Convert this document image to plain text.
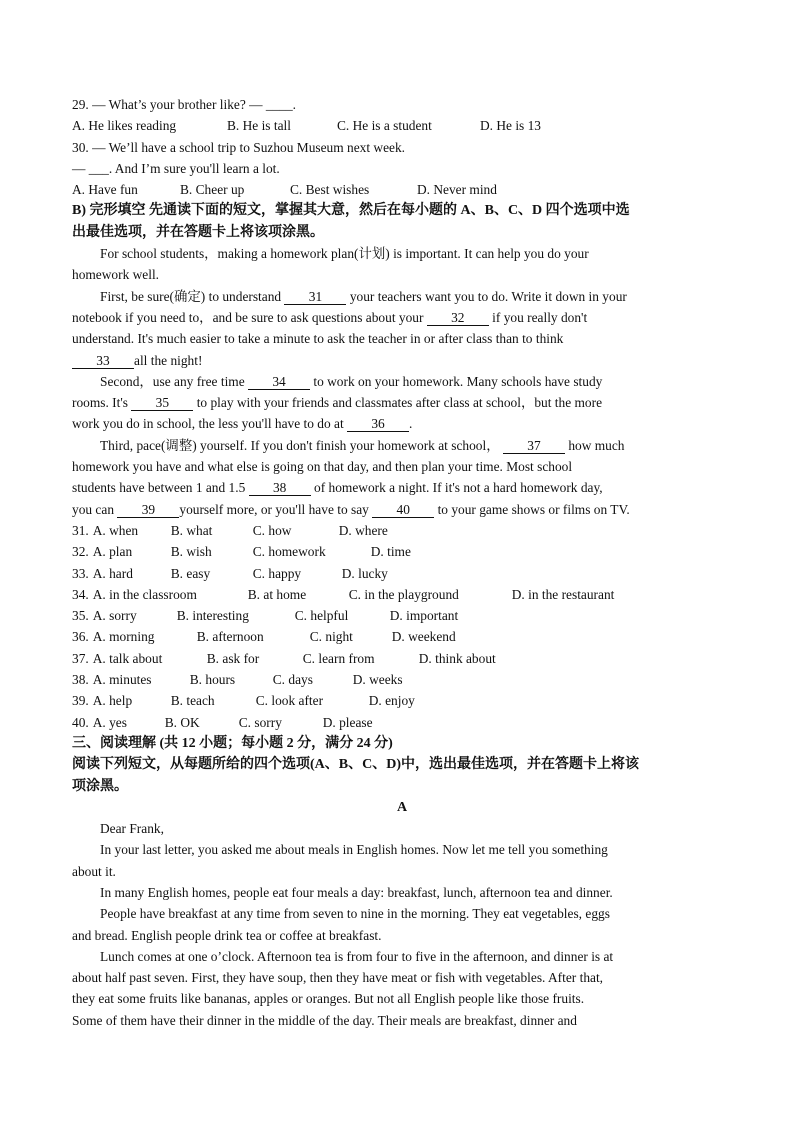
29. — What’s your brother like? — ____.
A. He likes reading	B. He is tall	C. He is a student	D. He is 13
30. — We’ll have a school trip to Suzhou Museum next week.
— ___. And I’m sure you'll learn a lot.
A. Have fun	B. Cheer up	C. Best wishes	D. Never mind
B) 完形填空 先通读下面的短文，掌握其大意，然后在每小题的 A、B、C、D 四个选项中选
出最佳选项，并在答题卡上将该项涂黑。
For school students，making a homework plan(计划) is important. It can help you do your
homework well.
First, be sure(确定) to understand 31 your teachers want you to do. Write it down in your
notebook if you need to，and be sure to ask questions about your 32 if you really don't
understand. It's much easier to take a minute to ask the teacher in or after class than to think
33 all the night!
Second，use any free time 34 to work on your homework. Many schools have study
rooms. It's 35 to play with your friends and classmates after class at school，but the more
work you do in school, the less you'll have to do at 36 .
Third, pace(调整) yourself. If you don't finish your homework at school， 37 how much
homework you have and what else is going on that day, and then plan your time. Most school
students have between 1 and 1.5 38 of homework a night. If it's not a hard homework day,
you can 39 yourself more, or you'll have to say 40 to your game shows or films on TV.
31. A. when B. what	C. how	D. where
32. A. plan	B. wish	C. homework	D. time
33. A. hard	B. easy	C. happy	D. lucky
34. A. in the classroom	B. at home	C. in the playground	D. in the restaurant
35. A. sorry	B. interesting	C. helpful	D. important
36. A. morning	B. afternoon	C. night	D. weekend
37. A. talk about	B. ask for	C. learn from	D. think about
38. A. minutes	B. hours	C. days	D. weeks
39. A. help	B. teach	C. look after	D. enjoy
40. A. yes	B. OK	C. sorry	D. please
三、阅读理解 (共 12 小题；每小题 2 分，满分 24 分)
阅读下列短文，从每题所给的四个选项(A、B、C、D)中，选出最佳选项，并在答题卡上将该
项涂黑。
A
Dear Frank,
In your last letter, you asked me about meals in English homes. Now let me tell you something
about it.
In many English homes, people eat four meals a day: breakfast, lunch, afternoon tea and dinner.
People have breakfast at any time from seven to nine in the morning. They eat vegetables, eggs
and bread. English people drink tea or coffee at breakfast.
Lunch comes at one o’clock. Afternoon tea is from four to five in the afternoon, and dinner is at
about half past seven. First, they have soup, then they have meat or fish with vegetables. After that,
they eat some fruits like bananas, apples or oranges. But not all English people like those fruits.
Some of them have their dinner in the middle of the day. Their meals are breakfast, dinner and
